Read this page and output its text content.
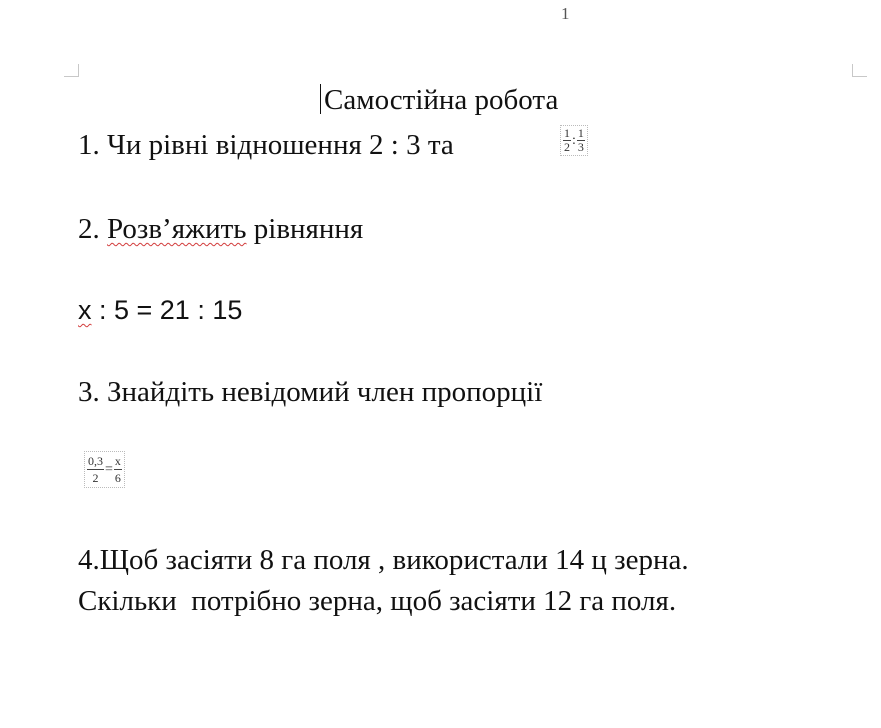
1
Самостійна робота
1. Чи рівні відношення 2 : 3 та	$\frac{1}{2}$ : $\frac{1}{3}$
2. Розв’яжить рівняння
х : 5 = 21 : 15
3. Знайдіть невідомий член пропорції
$\frac{0,3}{2} = \frac{x}{6}$
4.Щоб засіяти 8 га поля , використали 14 ц зерна.
Скільки  потрібно зерна, щоб засіяти 12 га поля.
